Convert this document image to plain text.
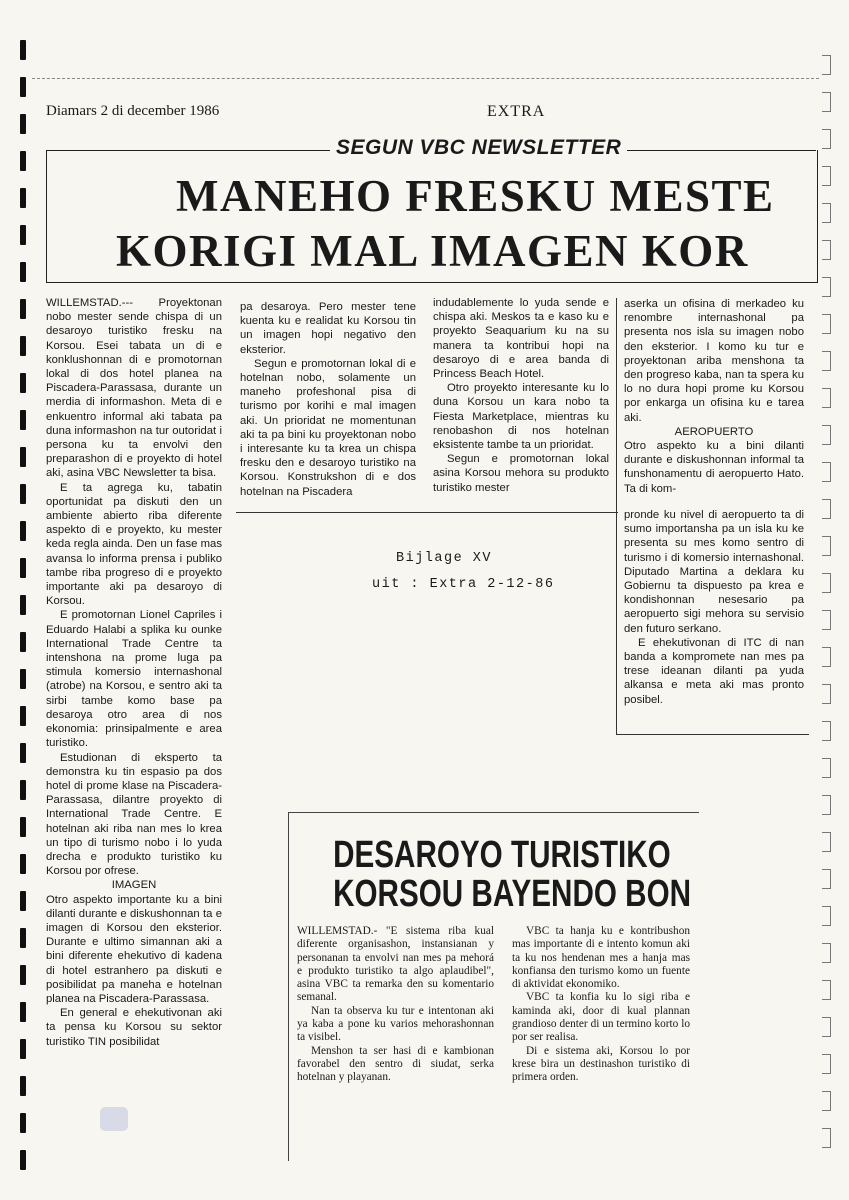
Diamars 2 di december 1986	EXTRA
SEGUN VBC NEWSLETTER
MANEHO FRESKU MESTE
KORIGI MAL IMAGEN KOR

WILLEMSTAD.--- Proyektonan nobo mester sende chispa di un desaroyo turistiko fresku na Korsou. Esei tabata un di e konklushonnan di e promotornan lokal di dos hotel planea na Piscadera-Parassasa, durante un merdia di informashon. Meta di e enkuentro informal aki tabata pa duna informashon na tur outoridat i persona ku ta envolvi den preparashon di e proyekto di hotel aki, asina VBC Newsletter ta bisa.

E ta agrega ku, tabatin oportunidat pa diskuti den un ambiente abierto riba diferente aspekto di e proyekto, ku mester keda regla ainda. Den un fase mas avansa lo informa prensa i publiko tambe riba progreso di e proyekto importante aki pa desaroyo di Korsou.

E promotornan Lionel Capriles i Eduardo Halabi a splika ku ounke International Trade Centre ta intenshona na prome luga pa stimula komersio internashonal (atrobe) na Korsou, e sentro aki ta sirbi tambe komo base pa desaroya otro area di nos ekonomia: prinsipalmente e area turistiko.

Estudionan di eksperto ta demonstra ku tin espasio pa dos hotel di prome klase na Piscadera-Parassasa, dilantre proyekto di International Trade Centre. E hotelnan aki riba nan mes lo krea un tipo di turismo nobo i lo yuda drecha e produkto turistiko ku Korsou por ofrese.

IMAGEN

Otro aspekto importante ku a bini dilanti durante e diskushonnan ta e imagen di Korsou den eksterior. Durante e ultimo simannan aki a bini diferente ehekutivo di kadena di hotel estranhero pa diskuti e posibilidat pa maneha e hotelnan planea na Piscadera-Parassasa.

En general e ehekutivonan aki ta pensa ku Korsou su sektor turistiko TIN posibilidat

pa desaroya. Pero mester tene kuenta ku e realidat ku Korsou tin un imagen hopi negativo den eksterior.

Segun e promotornan lokal di e hotelnan nobo, solamente un maneho profeshonal pisa di turismo por korihi e mal imagen aki. Un prioridat ne momentunan aki ta pa bini ku proyektonan nobo i interesante ku ta krea un chispa fresku den e desaroyo turistiko na Korsou. Konstrukshon di e dos hotelnan na Piscadera

indudablemente lo yuda sende e chispa aki. Meskos ta e kaso ku e proyekto Seaquarium ku na su manera ta kontribui hopi na desaroyo di e area banda di Princess Beach Hotel.

Otro proyekto interesante ku lo duna Korsou un kara nobo ta Fiesta Marketplace, mientras ku renobashon di nos hotelnan eksistente tambe ta un prioridat.

Segun e promotornan lokal asina Korsou mehora su produkto turistiko mester

aserka un ofisina di merkadeo ku renombre internashonal pa presenta nos isla su imagen nobo den eksterior. I komo ku tur e proyektonan ariba menshona ta den progreso kaba, nan ta spera ku lo no dura hopi prome ku Korsou por enkarga un ofisina ku e tarea aki.

AEROPUERTO

Otro aspekto ku a bini dilanti durante e diskushonnan informal ta funshonamentu di aeropuerto Hato. Ta di kom-

pronde ku nivel di aeropuerto ta di sumo importansha pa un isla ku ke presenta su mes komo sentro di turismo i di komersio internashonal. Diputado Martina a deklara ku Gobiernu ta dispuesto pa krea e kondishonnan nesesario pa aeropuerto sigi mehora su servisio den futuro serkano.

E ehekutivonan di ITC di nan banda a kompromete nan mes pa trese ideanan dilanti pa yuda alkansa e meta aki mas pronto posibel.

Bijlage XV
uit : Extra 2-12-86
DESAROYO TURISTIKO
KORSOU BAYENDO BON

WILLEMSTAD.- "E sistema riba kual diferente organisashon, instansianan y personanan ta envolvi nan mes pa mehorá e produkto turistiko ta algo aplaudibel", asina VBC ta remarka den su komentario semanal.

Nan ta observa ku tur e intentonan aki ya kaba a pone ku varios mehorashonnan ta visibel.

Menshon ta ser hasi di e kambionan favorabel den sentro di siudat, serka hotelnan y playanan.

VBC ta hanja ku e kontribushon mas importante di e intento komun aki ta ku nos hendenan mes a hanja mas konfiansa den turismo komo un fuente di aktividat ekonomiko.

VBC ta konfia ku lo sigi riba e kaminda aki, door di kual plannan grandioso denter di un termino korto lo por ser realisa.

Di e sistema aki, Korsou lo por krese bira un destinashon turistiko di primera orden.
